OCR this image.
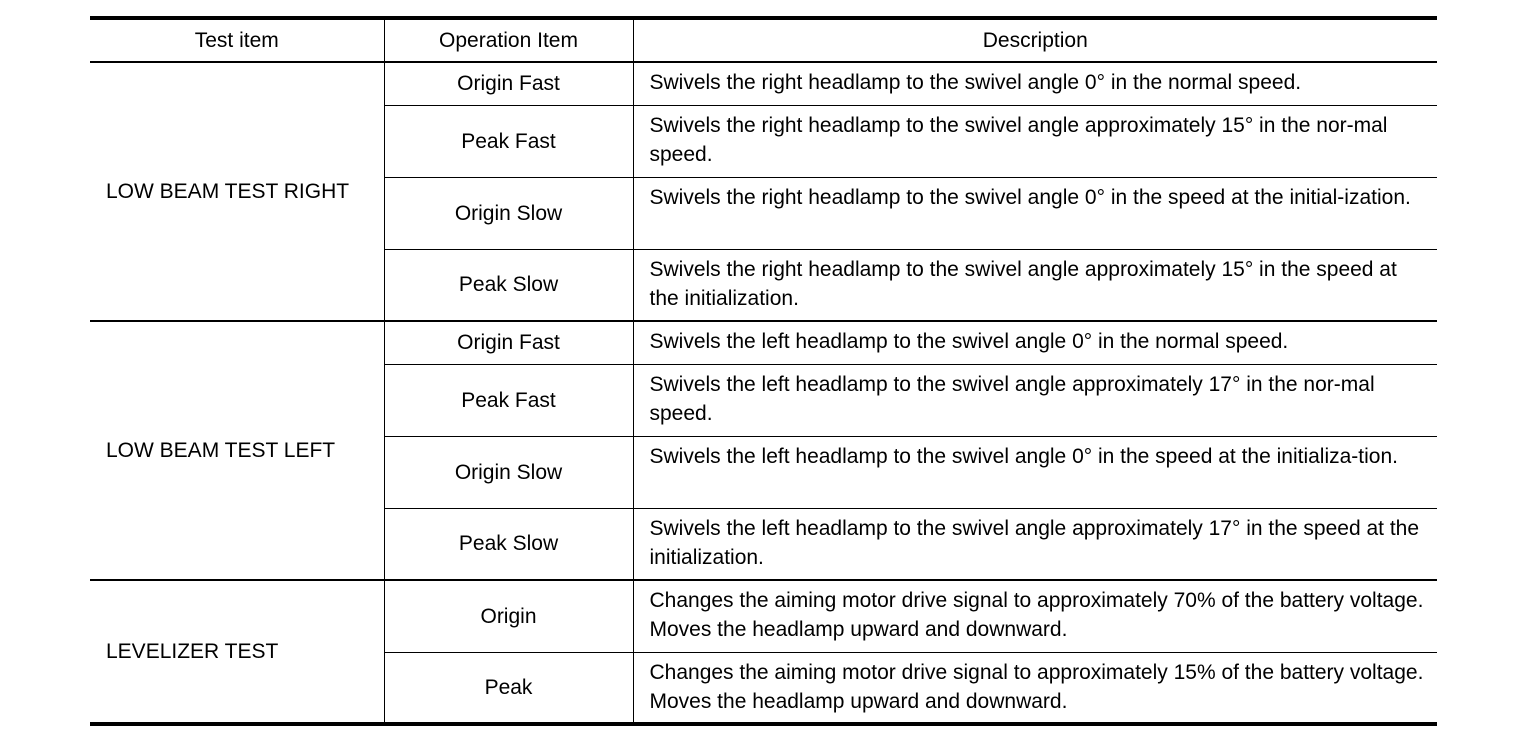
Test item	Operation Item	Description
LOW BEAM TEST RIGHT	Origin Fast	Swivels the right headlamp to the swivel angle 0° in the normal speed.
	Peak Fast	Swivels the right headlamp to the swivel angle approximately 15° in the nor-mal speed.
	Origin Slow	Swivels the right headlamp to the swivel angle 0° in the speed at the initial-ization.
	Peak Slow	Swivels the right headlamp to the swivel angle approximately 15° in the speed at the initialization.
LOW BEAM TEST LEFT	Origin Fast	Swivels the left headlamp to the swivel angle 0° in the normal speed.
	Peak Fast	Swivels the left headlamp to the swivel angle approximately 17° in the nor-mal speed.
	Origin Slow	Swivels the left headlamp to the swivel angle 0° in the speed at the initializa-tion.
	Peak Slow	Swivels the left headlamp to the swivel angle approximately 17° in the speed at the initialization.
LEVELIZER TEST	Origin	Changes the aiming motor drive signal to approximately 70% of the battery voltage. Moves the headlamp upward and downward.
	Peak	Changes the aiming motor drive signal to approximately 15% of the battery voltage. Moves the headlamp upward and downward.
